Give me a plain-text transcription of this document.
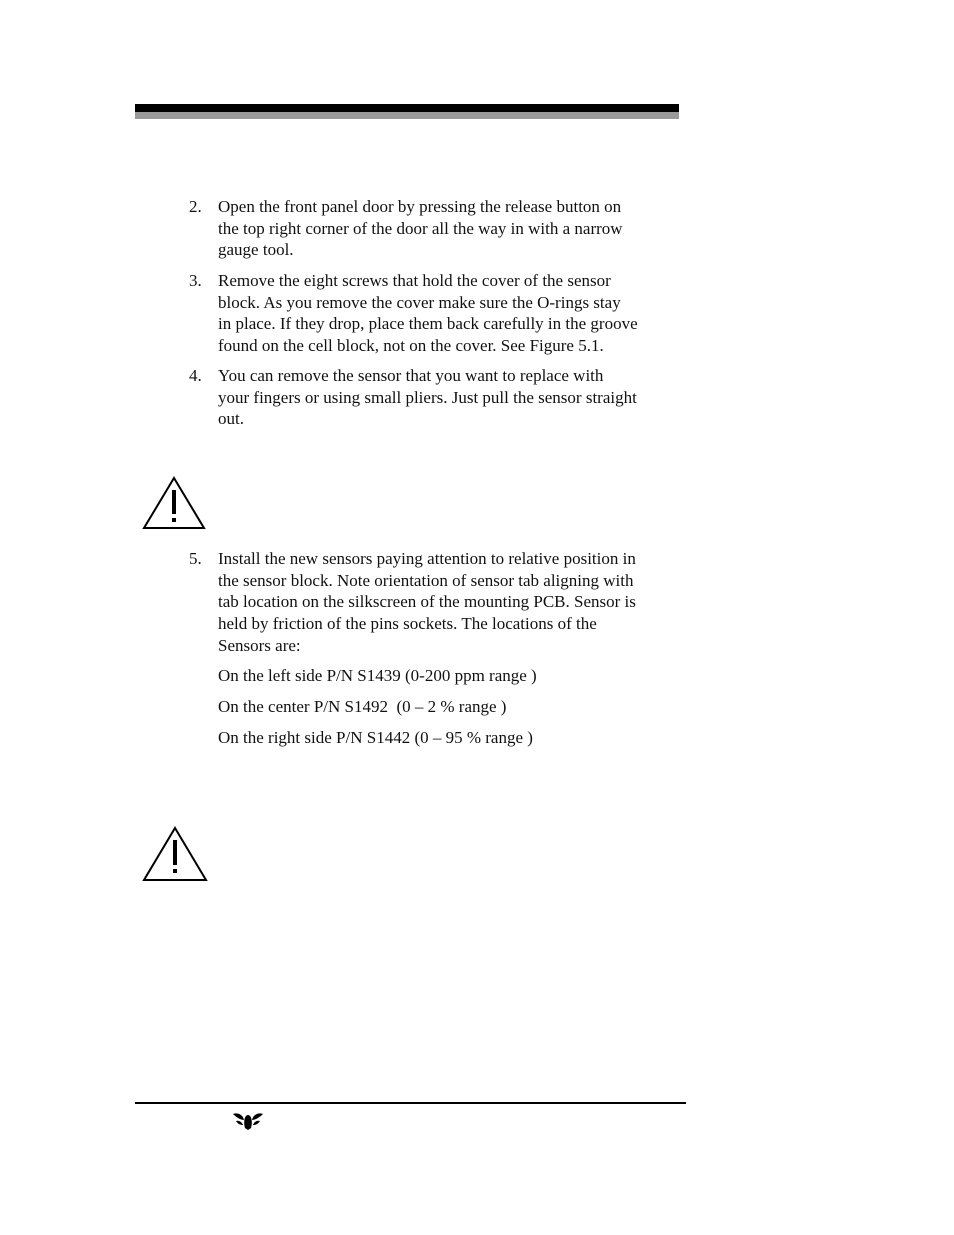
2. Open the front panel door by pressing the release button on
the top right corner of the door all the way in with a narrow
gauge tool.
3. Remove the eight screws that hold the cover of the sensor
block. As you remove the cover make sure the O-rings stay
in place. If they drop, place them back carefully in the groove
found on the cell block, not on the cover. See Figure 5.1.
4. You can remove the sensor that you want to replace with
your fingers or using small pliers. Just pull the sensor straight
out.
5. Install the new sensors paying attention to relative position in
the sensor block. Note orientation of sensor tab aligning with
tab location on the silkscreen of the mounting PCB. Sensor is
held by friction of the pins sockets. The locations of the
Sensors are:
On the left side P/N S1439 (0-200 ppm range )
On the center P/N S1492  (0 – 2 % range )
On the right side P/N S1442 (0 – 95 % range )
